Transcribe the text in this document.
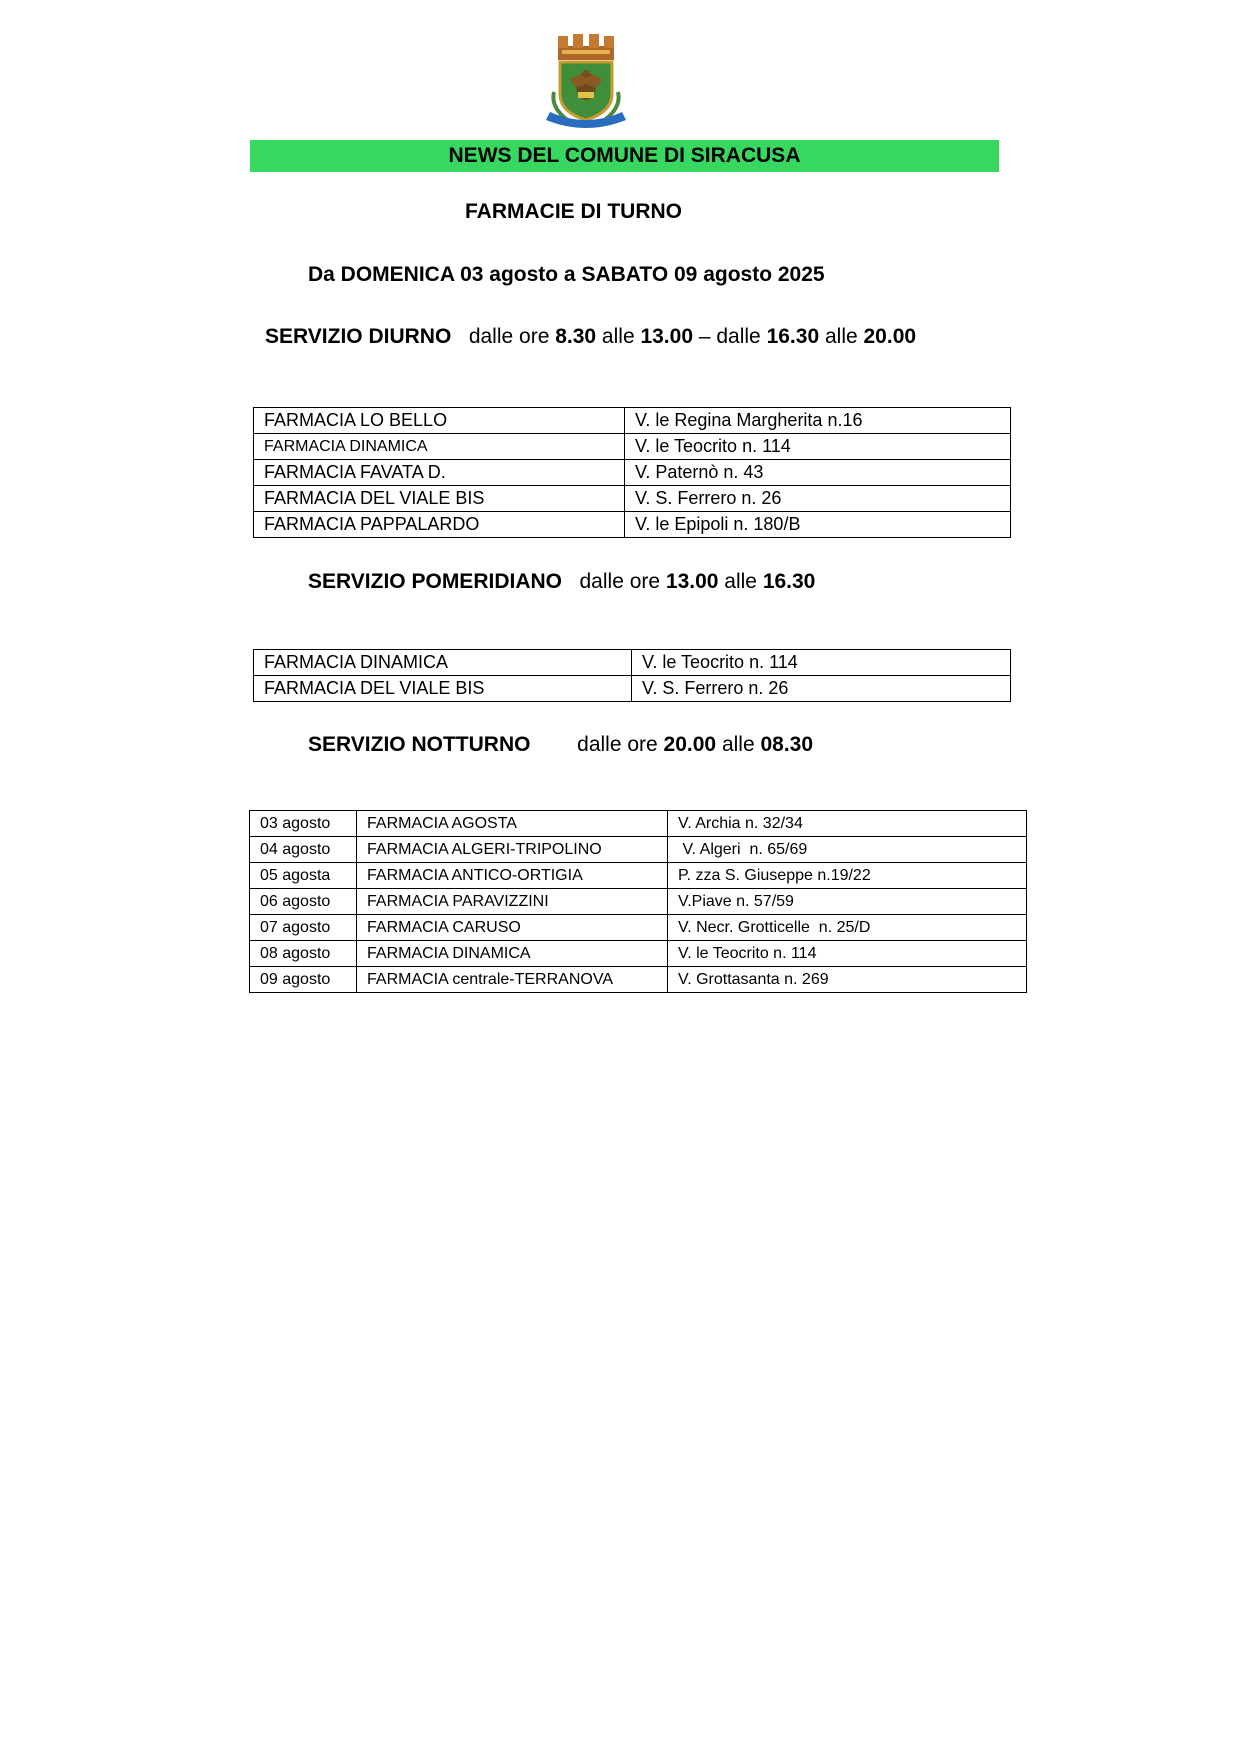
NEWS DEL COMUNE DI SIRACUSA
FARMACIE DI TURNO
Da DOMENICA 03 agosto a SABATO 09 agosto 2025
SERVIZIO DIURNO dalle ore 8.30 alle 13.00 – dalle 16.30 alle 20.00
FARMACIA LO BELLO	V. le Regina Margherita n.16
FARMACIA DINAMICA	V. le Teocrito n. 114
FARMACIA FAVATA D.	V. Paternò n. 43
FARMACIA DEL VIALE BIS	V. S. Ferrero n. 26
FARMACIA PAPPALARDO	V. le Epipoli n. 180/B
SERVIZIO POMERIDIANO dalle ore 13.00 alle 16.30
FARMACIA DINAMICA	V. le Teocrito n. 114
FARMACIA DEL VIALE BIS	V. S. Ferrero n. 26
SERVIZIO NOTTURNO dalle ore 20.00 alle 08.30
03 agosto	FARMACIA AGOSTA	V. Archia n. 32/34
04 agosto	FARMACIA ALGERI-TRIPOLINO	V. Algeri  n. 65/69
05 agosta	FARMACIA ANTICO-ORTIGIA	P. zza S. Giuseppe n.19/22
06 agosto	FARMACIA PARAVIZZINI	V.Piave n. 57/59
07 agosto	FARMACIA CARUSO	V. Necr. Grotticelle  n. 25/D
08 agosto	FARMACIA DINAMICA	V. le Teocrito n. 114
09 agosto	FARMACIA centrale-TERRANOVA	V. Grottasanta n. 269
